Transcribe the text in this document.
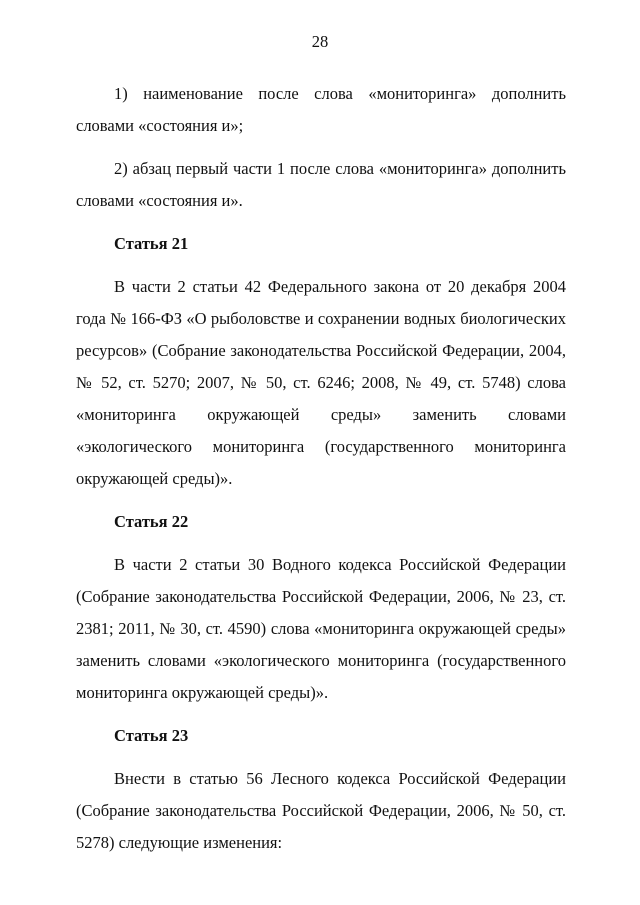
28

1) наименование после слова «мониторинга» дополнить словами «состояния и»;

2) абзац первый части 1 после слова «мониторинга» дополнить словами «состояния и».

Статья 21

В части 2 статьи 42 Федерального закона от 20 декабря 2004 года № 166-ФЗ «О рыболовстве и сохранении водных биологических ресурсов» (Собрание законодательства Российской Федерации, 2004, № 52, ст. 5270; 2007, № 50, ст. 6246; 2008, № 49, ст. 5748) слова «мониторинга окружающей среды» заменить словами «экологического мониторинга (государственного мониторинга окружающей среды)».

Статья 22

В части 2 статьи 30 Водного кодекса Российской Федерации (Собрание законодательства Российской Федерации, 2006, № 23, ст. 2381; 2011, № 30, ст. 4590) слова «мониторинга окружающей среды» заменить словами «экологического мониторинга (государственного мониторинга окружающей среды)».

Статья 23

Внести в статью 56 Лесного кодекса Российской Федерации (Собрание законодательства Российской Федерации, 2006, № 50, ст. 5278) следующие изменения:
